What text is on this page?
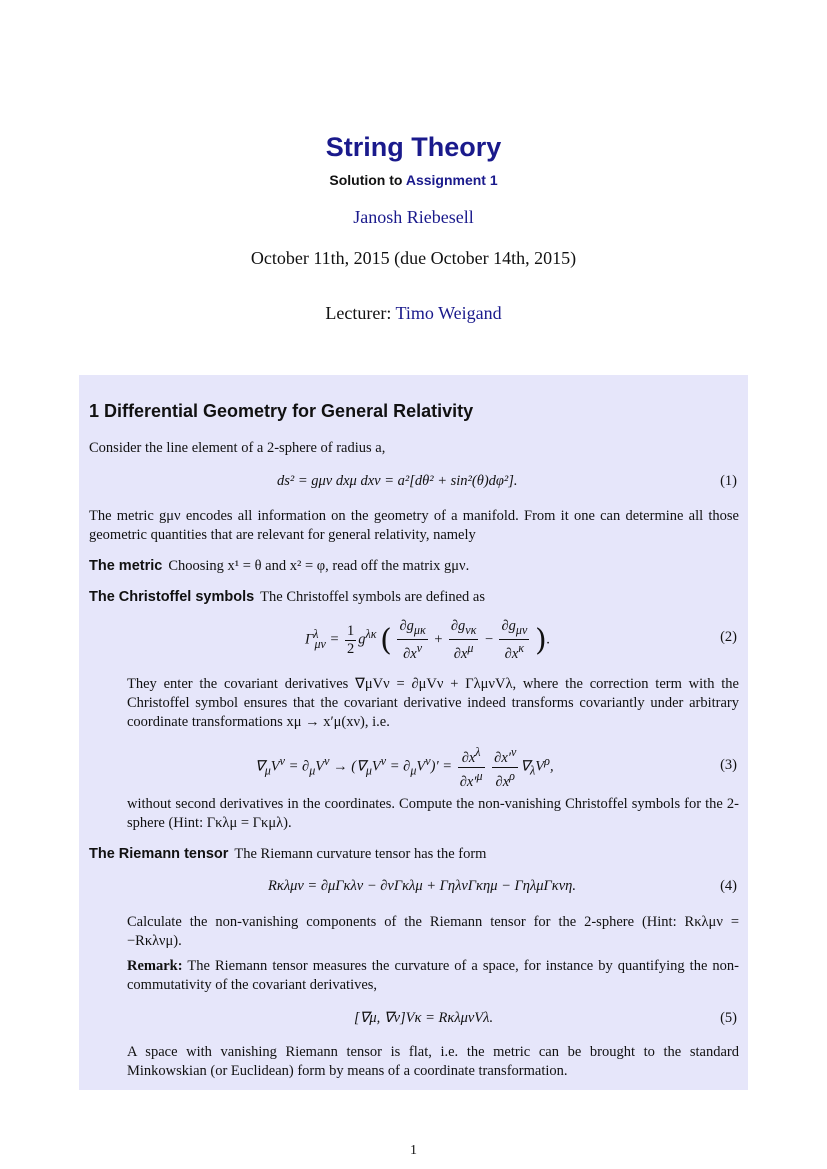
String Theory
Solution to Assignment 1
Janosh Riebesell
October 11th, 2015 (due October 14th, 2015)
Lecturer: Timo Weigand
1 Differential Geometry for General Relativity
Consider the line element of a 2-sphere of radius a,
ds² = gμν dxμ dxν = a²[dθ² + sin²(θ)dφ²].	(1)
The metric gμν encodes all information on the geometry of a manifold. From it one can determine all those geometric quantities that are relevant for general relativity, namely
The metric Choosing x¹ = θ and x² = φ, read off the matrix gμν.
The Christoffel symbols The Christoffel symbols are defined as
$\Gamma^\lambda_{\mu\nu} = \frac{1}{2} g^{\lambda\kappa}$ ( $\frac{\partial g_{\mu\kappa}}{\partial x^\nu} + \frac{\partial g_{\nu\kappa}}{\partial x^\mu} - \frac{\partial g_{\mu\nu}}{\partial x^\kappa}$ ).	(2)
They enter the covariant derivatives ∇μVν = ∂μVν + ΓλμνVλ, where the correction term with the Christoffel symbol ensures that the covariant derivative indeed transforms covariantly under arbitrary coordinate transformations xμ → x′μ(xν), i.e.
$\nabla_\mu V^\nu = \partial_\mu V^\nu \to (\nabla_\mu V^\nu = \partial_\mu V^\nu)' = \frac{\partial x^\lambda}{\partial x'^\mu}$
$\frac{\partial x'^\nu}{\partial x^\rho} \nabla_\lambda V^\rho$,	(3)
without second derivatives in the coordinates. Compute the non-vanishing Christoffel symbols for the 2-sphere (Hint: Γκλμ = Γκμλ).
The Riemann tensor The Riemann curvature tensor has the form
Rκλμν = ∂μΓκλν − ∂νΓκλμ + ΓηλνΓκημ − ΓηλμΓκνη.	(4)
Calculate the non-vanishing components of the Riemann tensor for the 2-sphere (Hint: Rκλμν = −Rκλνμ).
Remark: The Riemann tensor measures the curvature of a space, for instance by quantifying the non-commutativity of the covariant derivatives,
[∇μ, ∇ν]Vκ = RκλμνVλ.	(5)
A space with vanishing Riemann tensor is flat, i.e. the metric can be brought to the standard Minkowskian (or Euclidean) form by means of a coordinate transformation.
1
